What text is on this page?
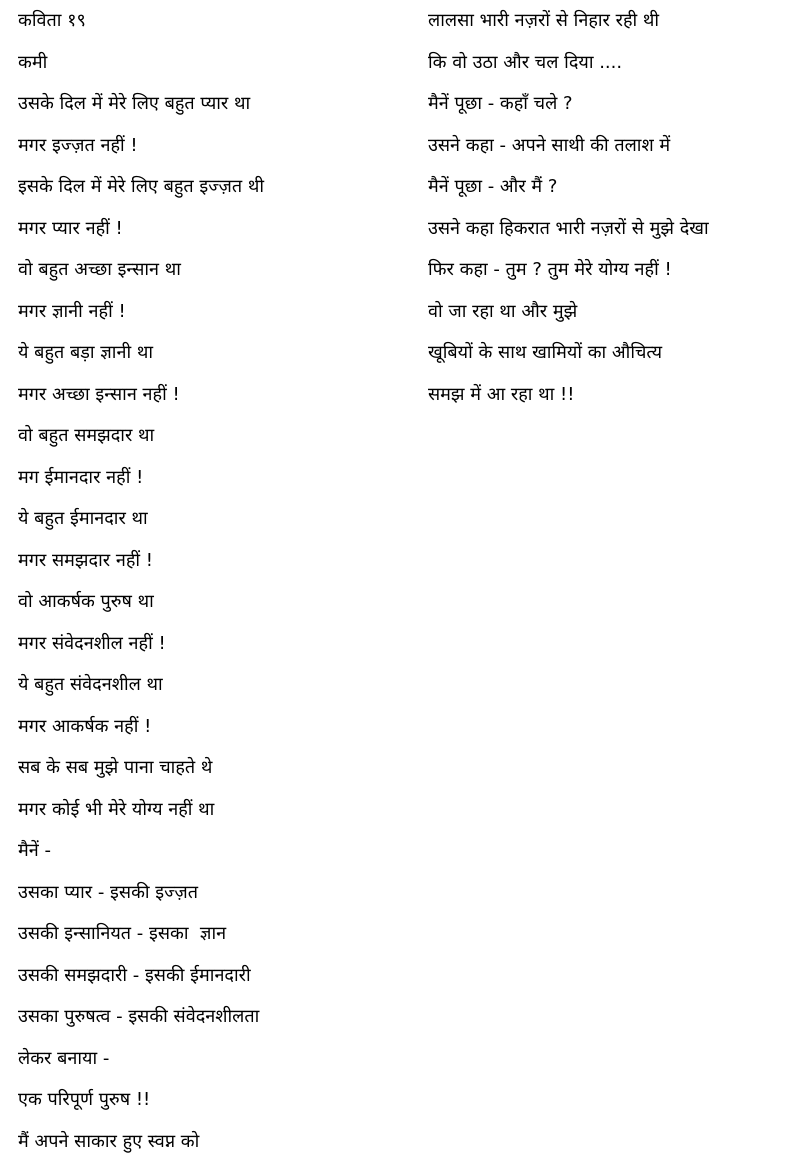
कविता १९
कमी
उसके दिल में मेरे लिए बहुत प्यार था
मगर इज्ज़त नहीं !
इसके दिल में मेरे लिए बहुत इज्ज़त थी
मगर प्यार नहीं !
वो बहुत अच्छा इन्सान था
मगर ज्ञानी नहीं !
ये बहुत बड़ा ज्ञानी था
मगर अच्छा इन्सान नहीं !
वो बहुत समझदार था
मग ईमानदार नहीं !
ये बहुत ईमानदार था
मगर समझदार नहीं !
वो आकर्षक पुरुष था
मगर संवेदनशील नहीं !
ये बहुत संवेदनशील था
मगर आकर्षक नहीं !
सब के सब मुझे पाना चाहते थे
मगर कोई भी मेरे योग्य नहीं था
मैनें -
उसका प्यार - इसकी इज्ज़त
उसकी इन्सानियत - इसका  ज्ञान
उसकी समझदारी - इसकी ईमानदारी
उसका पुरुषत्व - इसकी संवेदनशीलता
लेकर बनाया -
एक परिपूर्ण पुरुष !!
मैं अपने साकार हुए स्वप्न को
लालसा भारी नज़रों से निहार रही थी
कि वो उठा और चल दिया ....
मैनें पूछा - कहाँ चले ?
उसने कहा - अपने साथी की तलाश में
मैनें पूछा - और मैं ?
उसने कहा हिकरात भारी नज़रों से मुझे देखा
फिर कहा - तुम ? तुम मेरे योग्य नहीं !
वो जा रहा था और मुझे
खूबियों के साथ खामियों का औचित्य
समझ में आ रहा था !!
